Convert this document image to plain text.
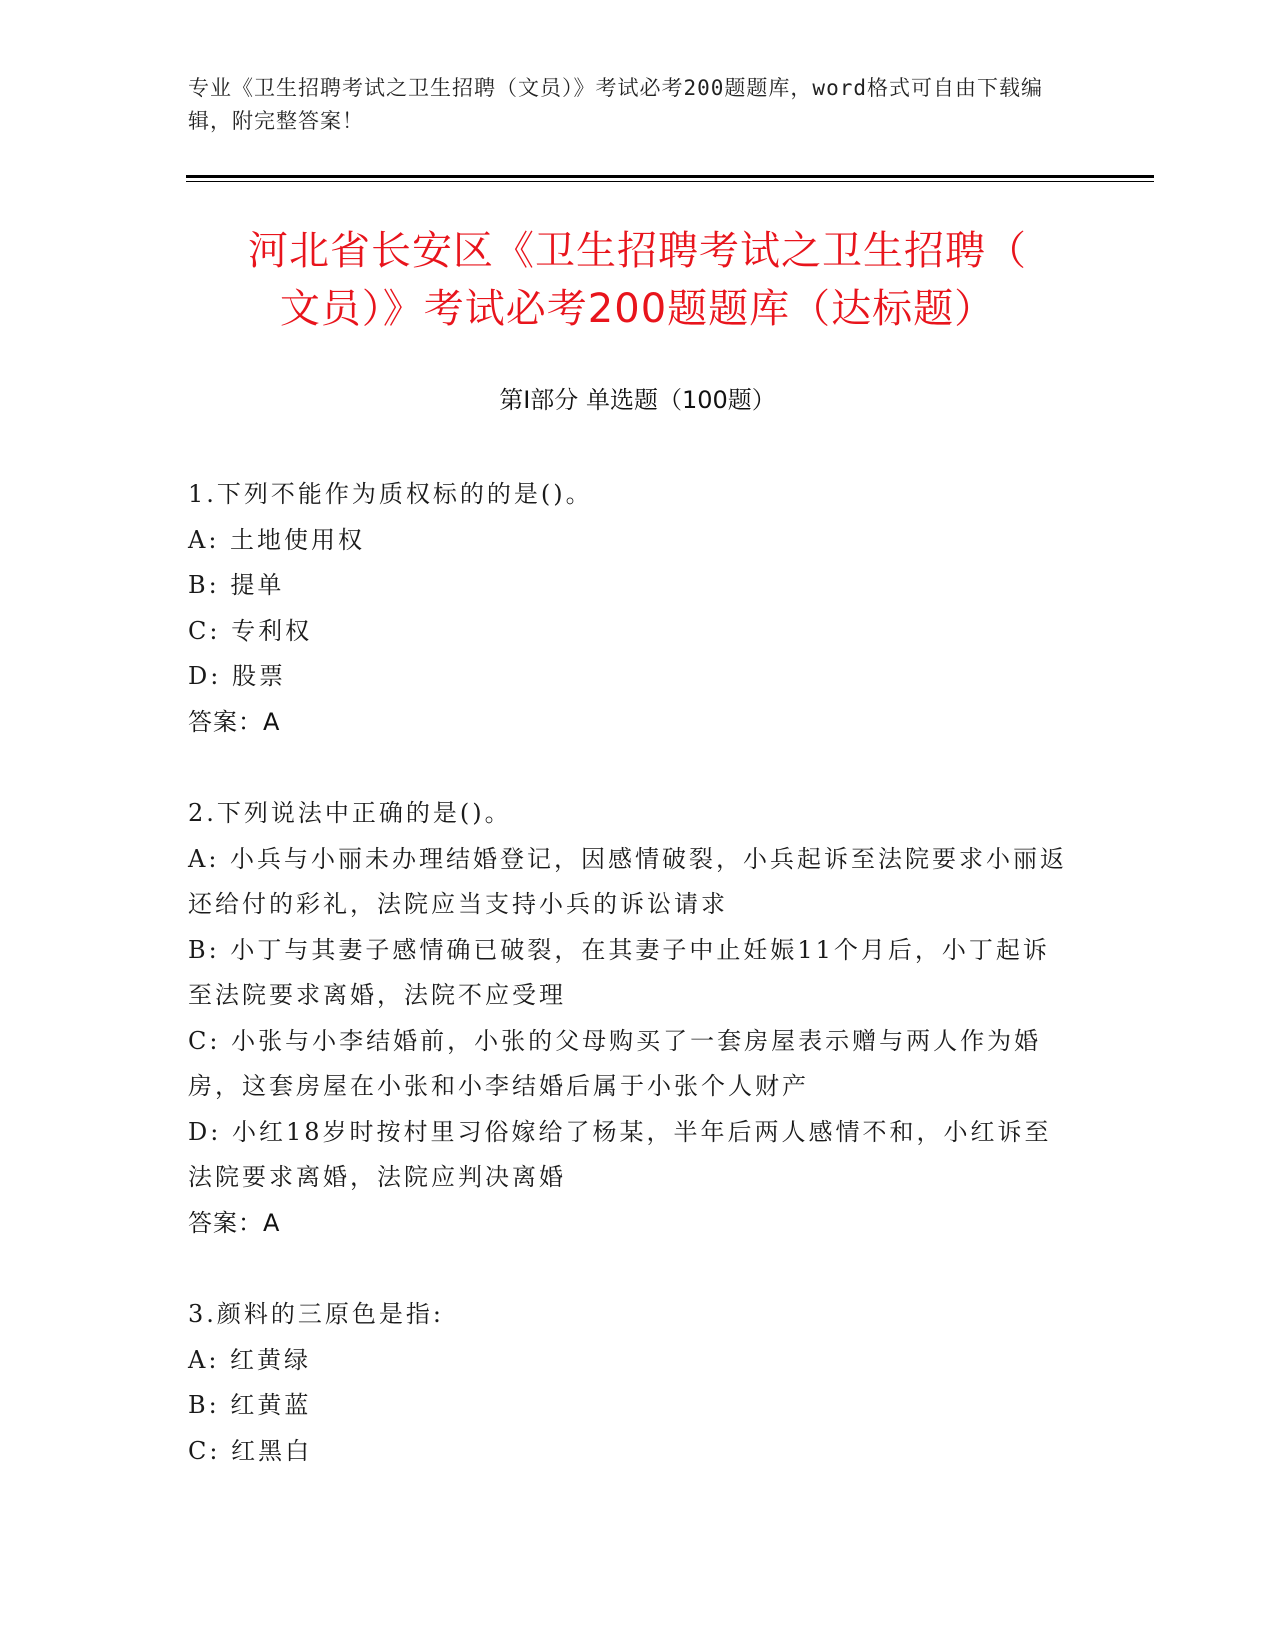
专业《卫生招聘考试之卫生招聘（文员）》考试必考200题题库，word格式可自由下载编辑，附完整答案！
河北省长安区《卫生招聘考试之卫生招聘（
文员）》考试必考200题题库（达标题）
第Ⅰ部分 单选题（100题）

1.下列不能作为质权标的的是()。

A: 土地使用权

B: 提单

C: 专利权

D: 股票

答案：A

2.下列说法中正确的是()。

A: 小兵与小丽未办理结婚登记，因感情破裂，小兵起诉至法院要求小丽返还给付的彩礼，法院应当支持小兵的诉讼请求

B: 小丁与其妻子感情确已破裂，在其妻子中止妊娠11个月后，小丁起诉至法院要求离婚，法院不应受理

C: 小张与小李结婚前，小张的父母购买了一套房屋表示赠与两人作为婚房，这套房屋在小张和小李结婚后属于小张个人财产

D: 小红18岁时按村里习俗嫁给了杨某，半年后两人感情不和，小红诉至法院要求离婚，法院应判决离婚

答案：A

3.颜料的三原色是指:

A: 红黄绿

B: 红黄蓝

C: 红黑白
